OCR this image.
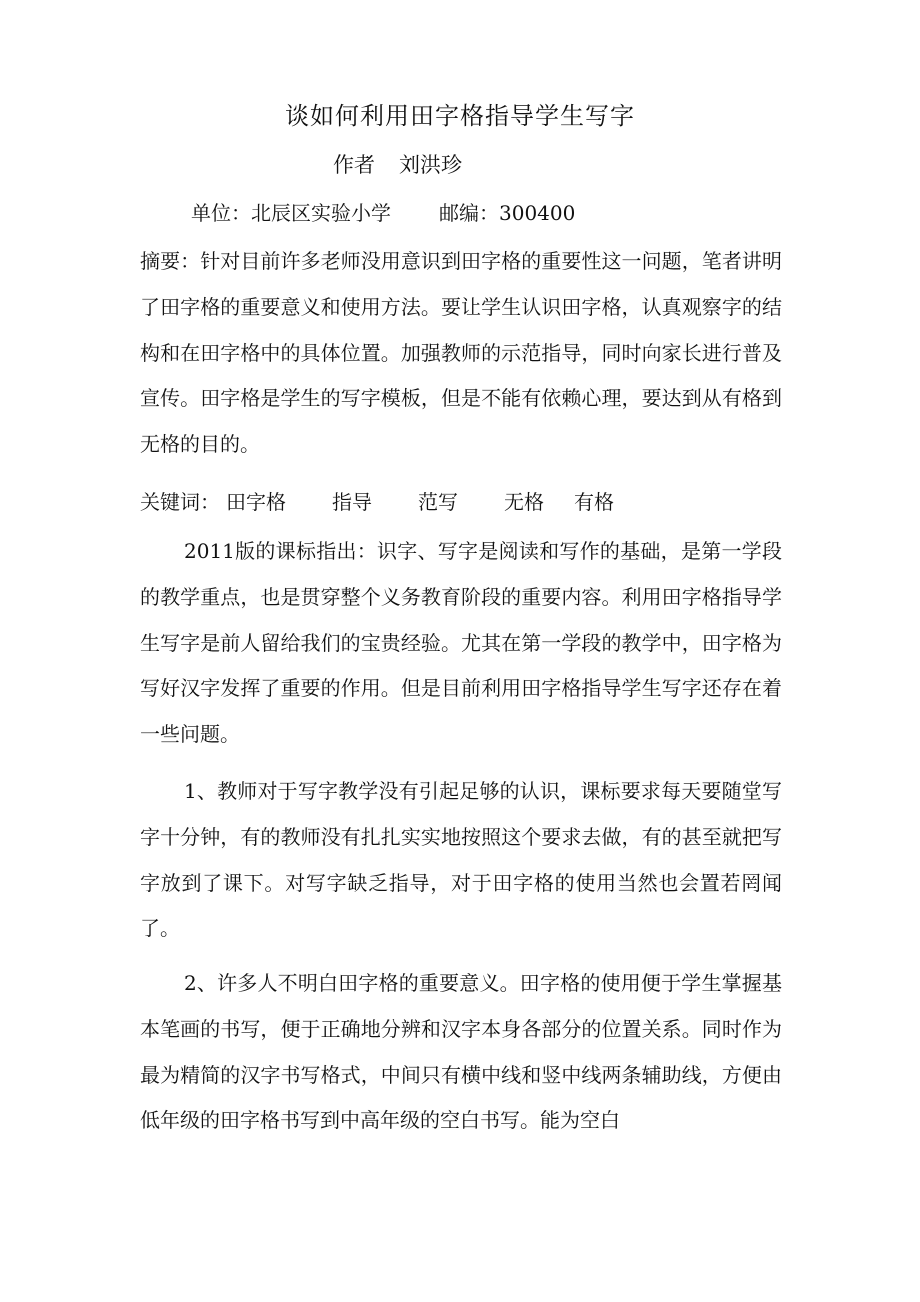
谈如何利用田字格指导学生写字
作者 刘洪珍
单位：北辰区实验小学 邮编：300400

摘要：针对目前许多老师没用意识到田字格的重要性这一问题，笔者讲明了田字格的重要意义和使用方法。要让学生认识田字格，认真观察字的结构和在田字格中的具体位置。加强教师的示范指导，同时向家长进行普及宣传。田字格是学生的写字模板，但是不能有依赖心理，要达到从有格到无格的目的。

关键词： 田字格 指导 范写 无格 有格

2011版的课标指出：识字、写字是阅读和写作的基础，是第一学段的教学重点，也是贯穿整个义务教育阶段的重要内容。利用田字格指导学生写字是前人留给我们的宝贵经验。尤其在第一学段的教学中，田字格为写好汉字发挥了重要的作用。但是目前利用田字格指导学生写字还存在着一些问题。

1、教师对于写字教学没有引起足够的认识，课标要求每天要随堂写字十分钟，有的教师没有扎扎实实地按照这个要求去做，有的甚至就把写字放到了课下。对写字缺乏指导，对于田字格的使用当然也会置若罔闻了。

2、许多人不明白田字格的重要意义。田字格的使用便于学生掌握基本笔画的书写，便于正确地分辨和汉字本身各部分的位置关系。同时作为最为精简的汉字书写格式，中间只有横中线和竖中线两条辅助线，方便由低年级的田字格书写到中高年级的空白书写。能为空白
